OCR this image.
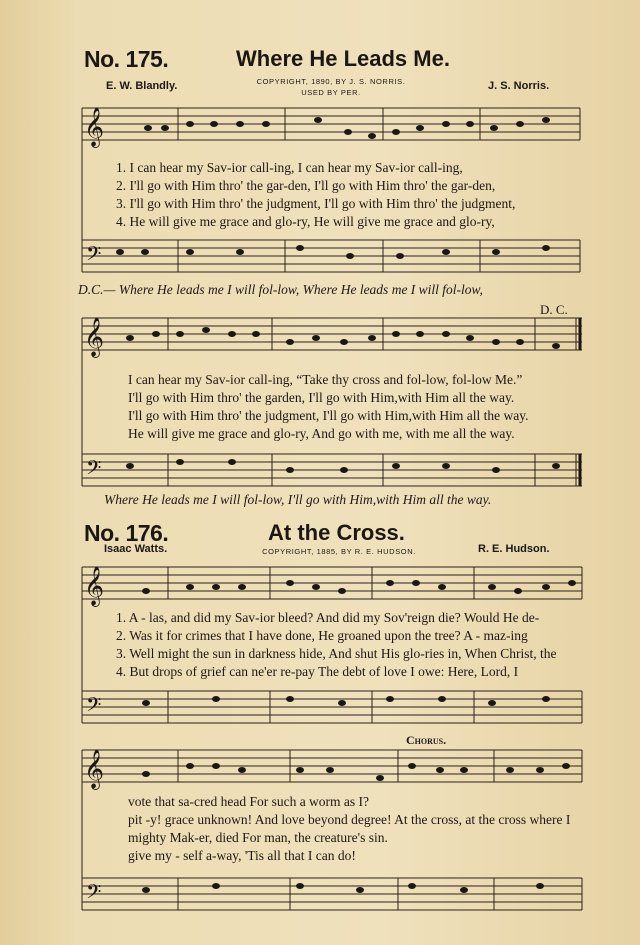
𝄞
𝄢
𝄞
𝄢
𝄞
𝄢
𝄞
𝄢
No. 175.	Where He Leads Me.
E. W. Blandly.	COPYRIGHT, 1890, BY J. S. NORRIS.
USED BY PER.
J. S. Norris.
1. I can hear my Sav-ior call-ing, I can hear my Sav-ior call-ing,
2. I'll go with Him thro' the gar-den, I'll go with Him thro' the gar-den,
3. I'll go with Him thro' the judgment, I'll go with Him thro' the judgment,
4. He will give me grace and glo-ry, He will give me grace and glo-ry,
D.C.— Where He leads me I will fol-low, Where He leads me I will fol-low,
D. C.
I can hear my Sav-ior call-ing, “Take thy cross and fol-low, fol-low Me.”
I'll go with Him thro' the garden, I'll go with Him,with Him all the way.
I'll go with Him thro' the judgment, I'll go with Him,with Him all the way.
He will give me grace and glo-ry, And go with me, with me all the way.
Where He leads me I will fol-low, I'll go with Him,with Him all the way.
No. 176.	At the Cross.
Isaac Watts.	COPYRIGHT, 1885, BY R. E. HUDSON.	R. E. Hudson.
1. A - las, and did my Sav-ior bleed? And did my Sov'reign die? Would He de-
2. Was it for crimes that I have done, He groaned upon the tree? A - maz-ing
3. Well might the sun in darkness hide, And shut His glo-ries in, When Christ, the
4. But drops of grief can ne'er re-pay The debt of love I owe: Here, Lord, I
Chorus.
vote that sa-cred head For such a worm as I?
pit -y! grace unknown! And love beyond degree! At the cross, at the cross where I
mighty Mak-er, died For man, the creature's sin.
give my - self a-way, 'Tis all that I can do!
